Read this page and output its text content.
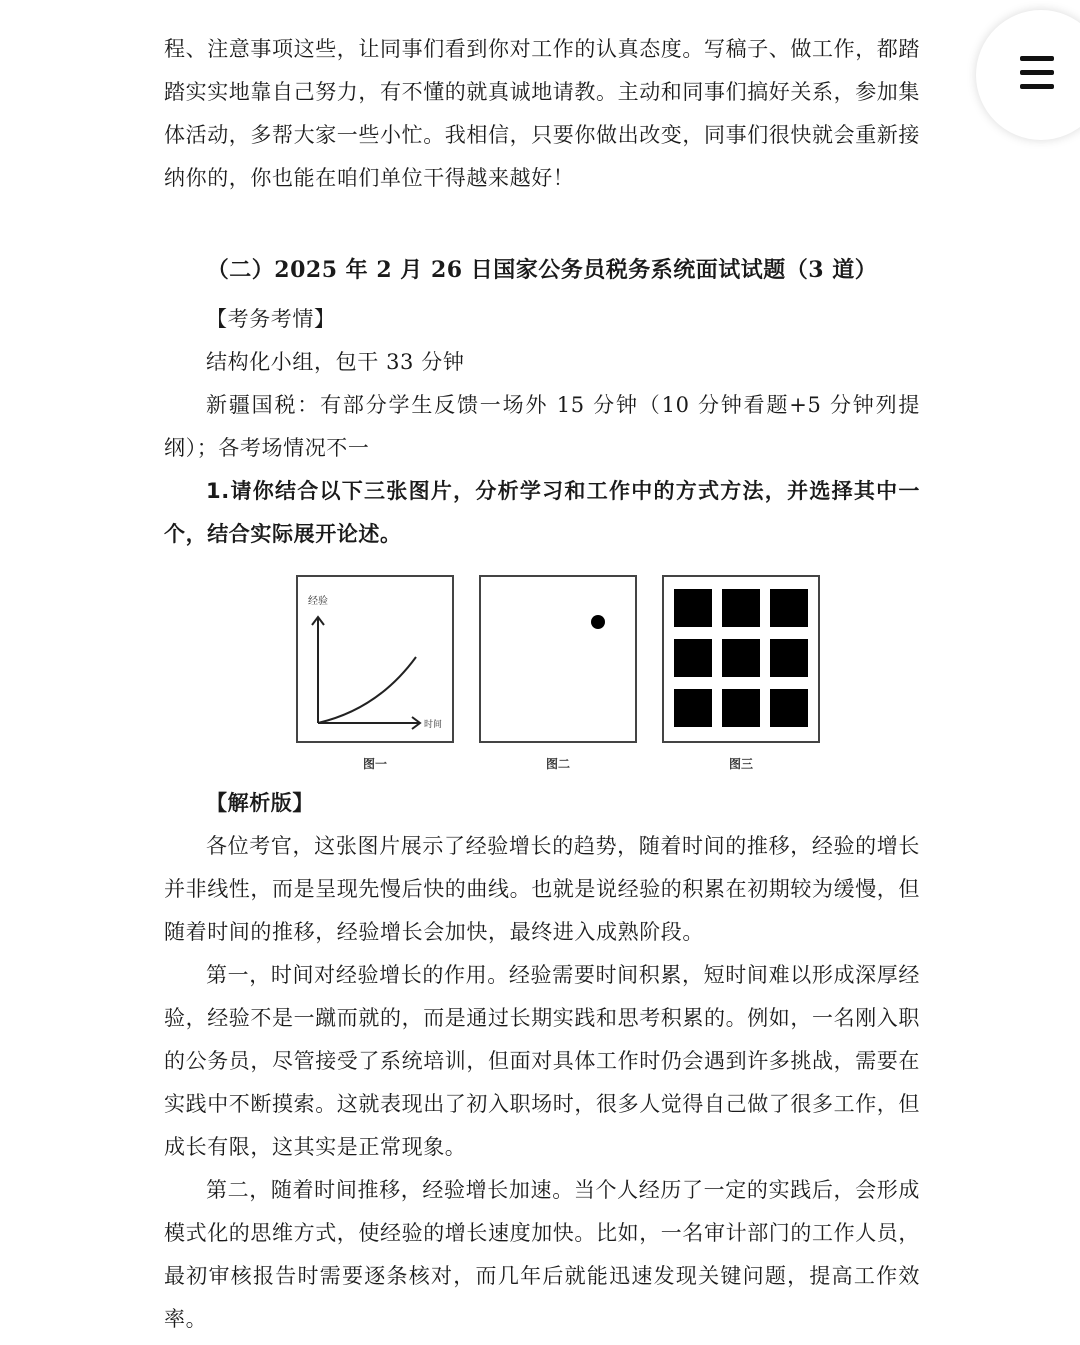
程、注意事项这些，让同事们看到你对工作的认真态度。写稿子、做工作，都踏踏实实地靠自己努力，有不懂的就真诚地请教。主动和同事们搞好关系，参加集体活动，多帮大家一些小忙。我相信，只要你做出改变，同事们很快就会重新接纳你的，你也能在咱们单位干得越来越好！

（二）2025 年 2 月 26 日国家公务员税务系统面试试题（3 道）

【考务考情】

结构化小组，包干 33 分钟

新疆国税：有部分学生反馈一场外 15 分钟（10 分钟看题+5 分钟列提纲）；各考场情况不一

1.请你结合以下三张图片，分析学习和工作中的方式方法，并选择其中一个，结合实际展开论述。

经验
时间
图一	图二	图三

【解析版】

各位考官，这张图片展示了经验增长的趋势，随着时间的推移，经验的增长并非线性，而是呈现先慢后快的曲线。也就是说经验的积累在初期较为缓慢，但随着时间的推移，经验增长会加快，最终进入成熟阶段。

第一，时间对经验增长的作用。经验需要时间积累，短时间难以形成深厚经验，经验不是一蹴而就的，而是通过长期实践和思考积累的。例如，一名刚入职的公务员，尽管接受了系统培训，但面对具体工作时仍会遇到许多挑战，需要在实践中不断摸索。这就表现出了初入职场时，很多人觉得自己做了很多工作，但成长有限，这其实是正常现象。

第二，随着时间推移，经验增长加速。当个人经历了一定的实践后，会形成模式化的思维方式，使经验的增长速度加快。比如，一名审计部门的工作人员，最初审核报告时需要逐条核对，而几年后就能迅速发现关键问题，提高工作效率。
